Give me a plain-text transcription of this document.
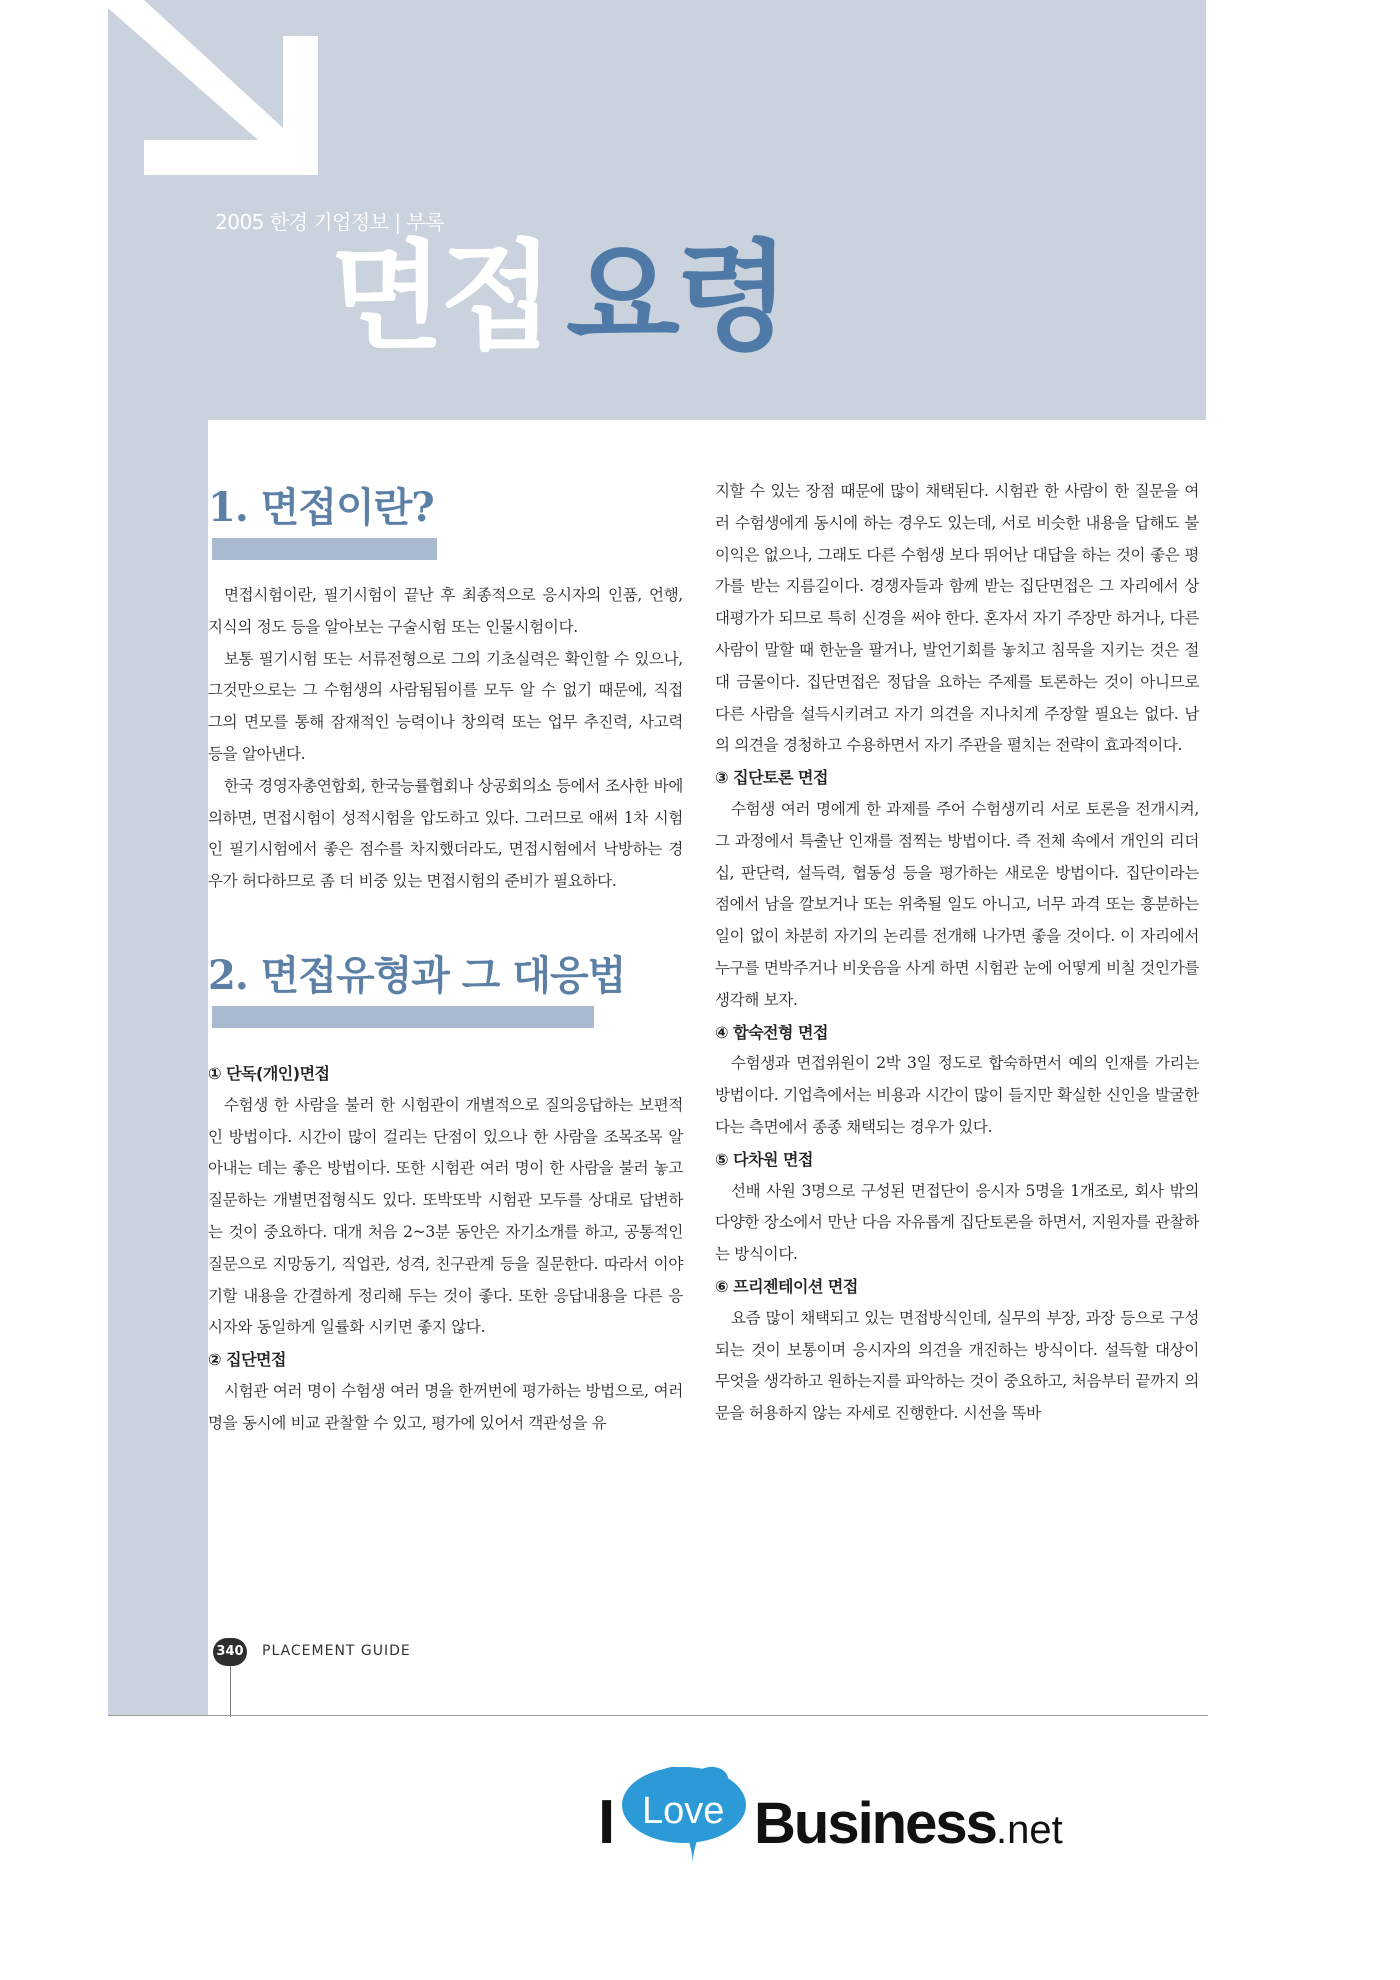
2005 한경 기업정보 | 부록
면접 요령
1. 면접이란?

면접시험이란, 필기시험이 끝난 후 최종적으로 응시자의 인품, 언행, 지식의 정도 등을 알아보는 구술시험 또는 인물시험이다.

보통 필기시험 또는 서류전형으로 그의 기초실력은 확인할 수 있으나, 그것만으로는 그 수험생의 사람됨됨이를 모두 알 수 없기 때문에, 직접 그의 면모를 통해 잠재적인 능력이나 창의력 또는 업무 추진력, 사고력 등을 알아낸다.

한국 경영자총연합회, 한국능률협회나 상공회의소 등에서 조사한 바에 의하면, 면접시험이 성적시험을 압도하고 있다. 그러므로 애써 1차 시험인 필기시험에서 좋은 점수를 차지했더라도, 면접시험에서 낙방하는 경우가 허다하므로 좀 더 비중 있는 면접시험의 준비가 필요하다.

2. 면접유형과 그 대응법
① 단독(개인)면접

수험생 한 사람을 불러 한 시험관이 개별적으로 질의응답하는 보편적인 방법이다. 시간이 많이 걸리는 단점이 있으나 한 사람을 조목조목 알아내는 데는 좋은 방법이다. 또한 시험관 여러 명이 한 사람을 불러 놓고 질문하는 개별면접형식도 있다. 또박또박 시험관 모두를 상대로 답변하는 것이 중요하다. 대개 처음 2~3분 동안은 자기소개를 하고, 공통적인 질문으로 지망동기, 직업관, 성격, 친구관계 등을 질문한다. 따라서 이야기할 내용을 간결하게 정리해 두는 것이 좋다. 또한 응답내용을 다른 응시자와 동일하게 일률화 시키면 좋지 않다.

② 집단면접

시험관 여러 명이 수험생 여러 명을 한꺼번에 평가하는 방법으로, 여러 명을 동시에 비교 관찰할 수 있고, 평가에 있어서 객관성을 유

지할 수 있는 장점 때문에 많이 채택된다. 시험관 한 사람이 한 질문을 여러 수험생에게 동시에 하는 경우도 있는데, 서로 비슷한 내용을 답해도 불이익은 없으나, 그래도 다른 수험생 보다 뛰어난 대답을 하는 것이 좋은 평가를 받는 지름길이다. 경쟁자들과 함께 받는 집단면접은 그 자리에서 상대평가가 되므로 특히 신경을 써야 한다. 혼자서 자기 주장만 하거나, 다른 사람이 말할 때 한눈을 팔거나, 발언기회를 놓치고 침묵을 지키는 것은 절대 금물이다. 집단면접은 정답을 요하는 주제를 토론하는 것이 아니므로 다른 사람을 설득시키려고 자기 의견을 지나치게 주장할 필요는 없다. 남의 의견을 경청하고 수용하면서 자기 주관을 펼치는 전략이 효과적이다.

③ 집단토론 면접

수험생 여러 명에게 한 과제를 주어 수험생끼리 서로 토론을 전개시켜, 그 과정에서 특출난 인재를 점찍는 방법이다. 즉 전체 속에서 개인의 리더십, 판단력, 설득력, 협동성 등을 평가하는 새로운 방법이다. 집단이라는 점에서 남을 깔보거나 또는 위축될 일도 아니고, 너무 과격 또는 흥분하는 일이 없이 차분히 자기의 논리를 전개해 나가면 좋을 것이다. 이 자리에서 누구를 면박주거나 비웃음을 사게 하면 시험관 눈에 어떻게 비칠 것인가를 생각해 보자.

④ 합숙전형 면접

수험생과 면접위원이 2박 3일 정도로 합숙하면서 예의 인재를 가리는 방법이다. 기업측에서는 비용과 시간이 많이 들지만 확실한 신인을 발굴한다는 측면에서 종종 채택되는 경우가 있다.

⑤ 다차원 면접

선배 사원 3명으로 구성된 면접단이 응시자 5명을 1개조로, 회사 밖의 다양한 장소에서 만난 다음 자유롭게 집단토론을 하면서, 지원자를 관찰하는 방식이다.

⑥ 프리젠테이션 면접

요즘 많이 채택되고 있는 면접방식인데, 실무의 부장, 과장 등으로 구성되는 것이 보통이며 응시자의 의견을 개진하는 방식이다. 설득할 대상이 무엇을 생각하고 원하는지를 파악하는 것이 중요하고, 처음부터 끝까지 의문을 허용하지 않는 자세로 진행한다. 시선을 똑바

340 PLACEMENT GUIDE
I Love Business .net
